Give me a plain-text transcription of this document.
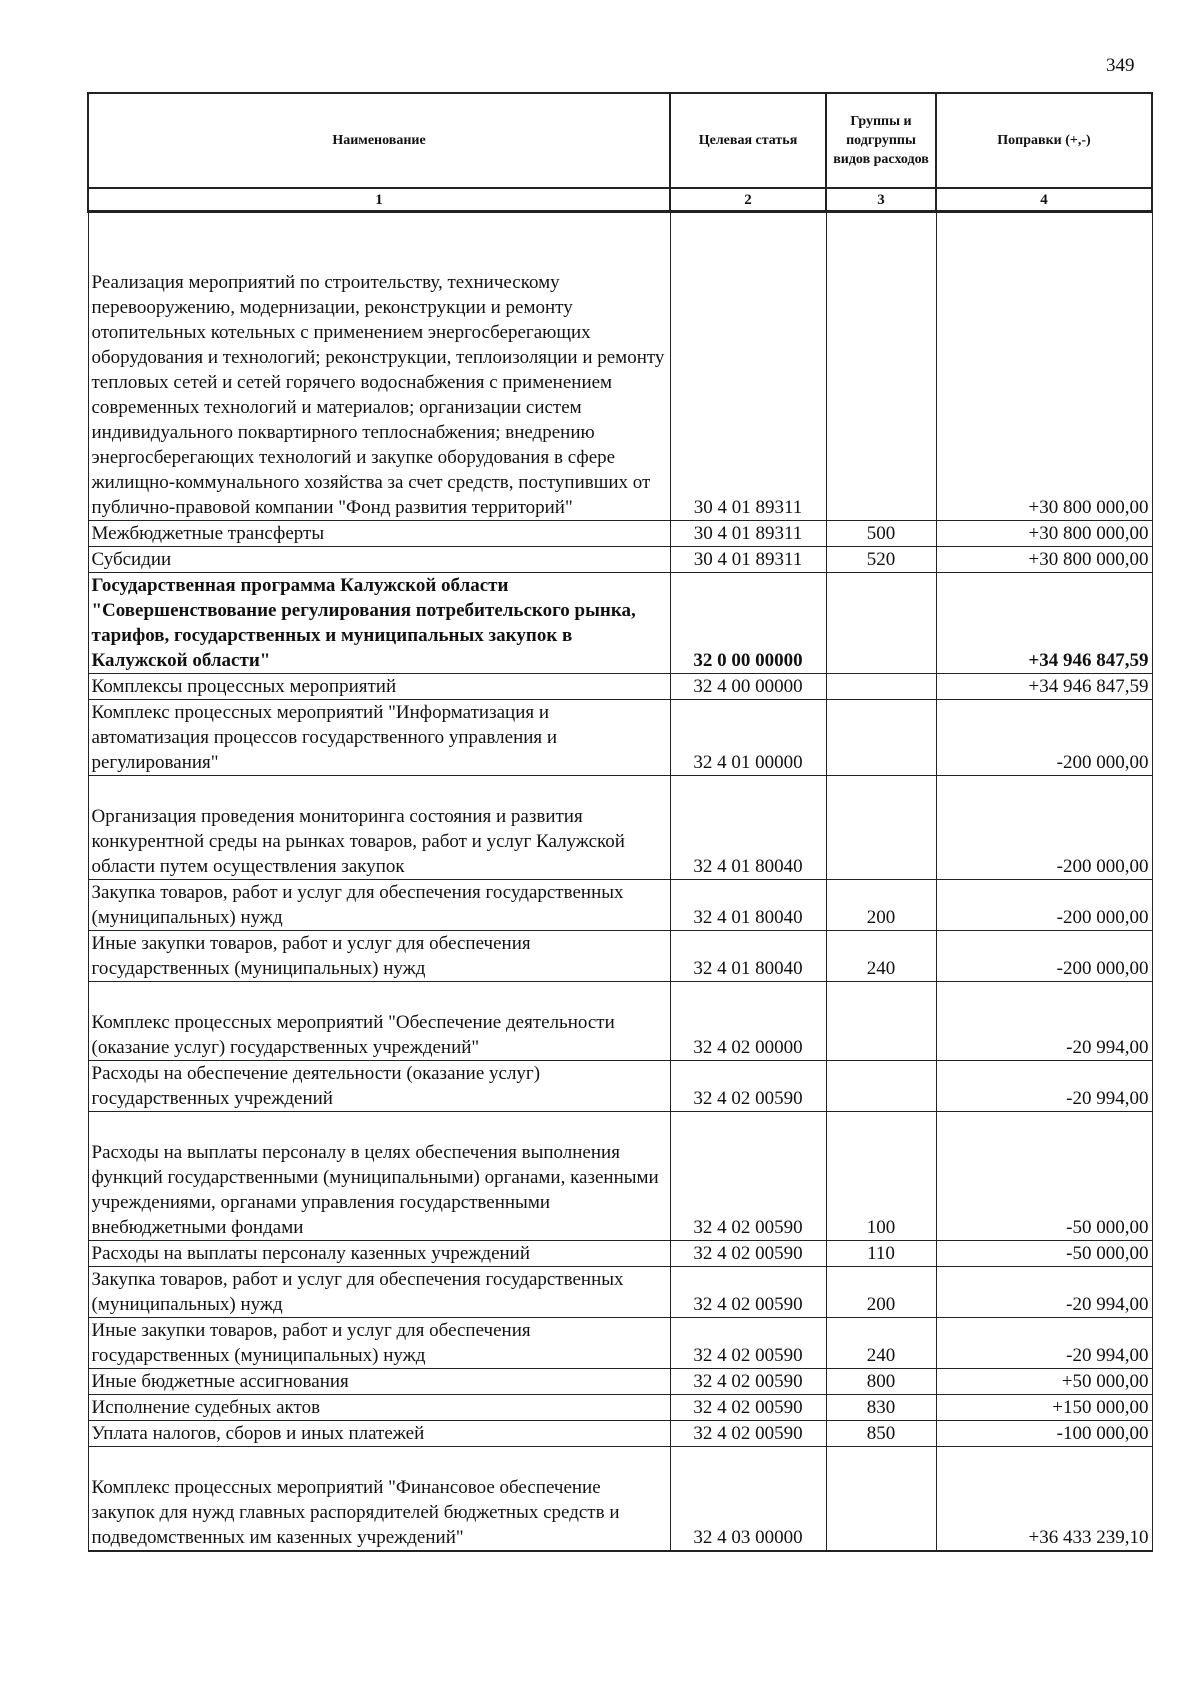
349
Наименование	Целевая статья	Группы и подгруппы видов расходов	Поправки (+,-)
1	2	3	4
Реализация мероприятий по строительству, техническому перевооружению, модернизации, реконструкции и ремонту отопительных котельных с применением энергосберегающих оборудования и технологий; реконструкции, теплоизоляции и ремонту тепловых сетей и сетей горячего водоснабжения с применением современных технологий и материалов; организации систем индивидуального поквартирного теплоснабжения; внедрению энергосберегающих технологий и закупке оборудования в сфере жилищно-коммунального хозяйства за счет средств, поступивших от публично-правовой компании "Фонд развития территорий"	30 4 01 89311		+30 800 000,00
Межбюджетные трансферты	30 4 01 89311	500	+30 800 000,00
Субсидии	30 4 01 89311	520	+30 800 000,00
Государственная программа Калужской области "Совершенствование регулирования потребительского рынка, тарифов, государственных и муниципальных закупок в Калужской области"	32 0 00 00000		+34 946 847,59
Комплексы процессных мероприятий	32 4 00 00000		+34 946 847,59
Комплекс процессных мероприятий "Информатизация и автоматизация процессов государственного управления и регулирования"	32 4 01 00000		-200 000,00
Организация проведения мониторинга состояния и развития конкурентной среды на рынках товаров, работ и услуг Калужской области путем осуществления закупок	32 4 01 80040		-200 000,00
Закупка товаров, работ и услуг для обеспечения государственных (муниципальных) нужд	32 4 01 80040	200	-200 000,00
Иные закупки товаров, работ и услуг для обеспечения государственных (муниципальных) нужд	32 4 01 80040	240	-200 000,00
Комплекс процессных мероприятий "Обеспечение деятельности (оказание услуг) государственных учреждений"	32 4 02 00000		-20 994,00
Расходы на обеспечение деятельности (оказание услуг) государственных учреждений	32 4 02 00590		-20 994,00
Расходы на выплаты персоналу в целях обеспечения выполнения функций государственными (муниципальными) органами, казенными учреждениями, органами управления государственными внебюджетными фондами	32 4 02 00590	100	-50 000,00
Расходы на выплаты персоналу казенных учреждений	32 4 02 00590	110	-50 000,00
Закупка товаров, работ и услуг для обеспечения государственных (муниципальных) нужд	32 4 02 00590	200	-20 994,00
Иные закупки товаров, работ и услуг для обеспечения государственных (муниципальных) нужд	32 4 02 00590	240	-20 994,00
Иные бюджетные ассигнования	32 4 02 00590	800	+50 000,00
Исполнение судебных актов	32 4 02 00590	830	+150 000,00
Уплата налогов, сборов и иных платежей	32 4 02 00590	850	-100 000,00
Комплекс процессных мероприятий "Финансовое обеспечение закупок для нужд главных распорядителей бюджетных средств и подведомственных им казенных учреждений"	32 4 03 00000		+36 433 239,10
